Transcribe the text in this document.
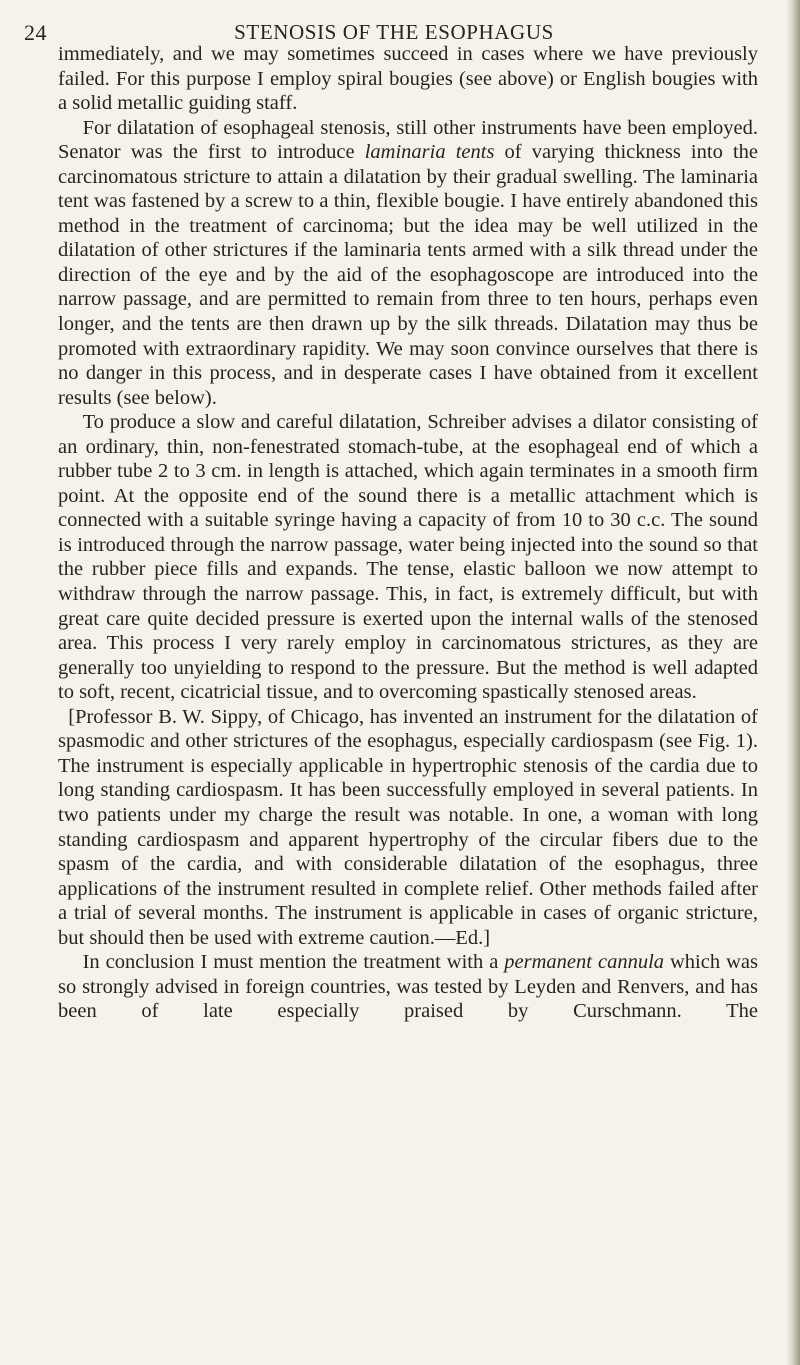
24	STENOSIS OF THE ESOPHAGUS

immediately, and we may sometimes succeed in cases where we have previously failed. For this purpose I employ spiral bougies (see above) or English bougies with a solid metallic guiding staff.

For dilatation of esophageal stenosis, still other instruments have been employed. Senator was the first to introduce laminaria tents of varying thickness into the carcinomatous stricture to attain a dilatation by their gradual swelling. The laminaria tent was fastened by a screw to a thin, flexible bougie. I have entirely abandoned this method in the treatment of carcinoma; but the idea may be well utilized in the dilatation of other strictures if the laminaria tents armed with a silk thread under the direction of the eye and by the aid of the esophagoscope are introduced into the narrow passage, and are permitted to remain from three to ten hours, perhaps even longer, and the tents are then drawn up by the silk threads. Dilatation may thus be promoted with extraordinary rapidity. We may soon convince ourselves that there is no danger in this process, and in desperate cases I have obtained from it excellent results (see below).

To produce a slow and careful dilatation, Schreiber advises a dilator consisting of an ordinary, thin, non-fenestrated stomach-tube, at the esophageal end of which a rubber tube 2 to 3 cm. in length is attached, which again terminates in a smooth firm point. At the opposite end of the sound there is a metallic attachment which is connected with a suitable syringe having a capacity of from 10 to 30 c.c. The sound is introduced through the narrow passage, water being injected into the sound so that the rubber piece fills and expands. The tense, elastic balloon we now attempt to withdraw through the narrow passage. This, in fact, is extremely difficult, but with great care quite decided pressure is exerted upon the internal walls of the stenosed area. This process I very rarely employ in carcinomatous strictures, as they are generally too unyielding to respond to the pressure. But the method is well adapted to soft, recent, cicatricial tissue, and to overcoming spastically stenosed areas.

[Professor B. W. Sippy, of Chicago, has invented an instrument for the dilatation of spasmodic and other strictures of the esophagus, especially cardiospasm (see Fig. 1). The instrument is especially applicable in hypertrophic stenosis of the cardia due to long standing cardiospasm. It has been successfully employed in several patients. In two patients under my charge the result was notable. In one, a woman with long standing cardiospasm and apparent hypertrophy of the circular fibers due to the spasm of the cardia, and with considerable dilatation of the esophagus, three applications of the instrument resulted in complete relief. Other methods failed after a trial of several months. The instrument is applicable in cases of organic stricture, but should then be used with extreme caution.—Ed.]

In conclusion I must mention the treatment with a permanent cannula which was so strongly advised in foreign countries, was tested by Leyden and Renvers, and has been of late especially praised by Curschmann. The
